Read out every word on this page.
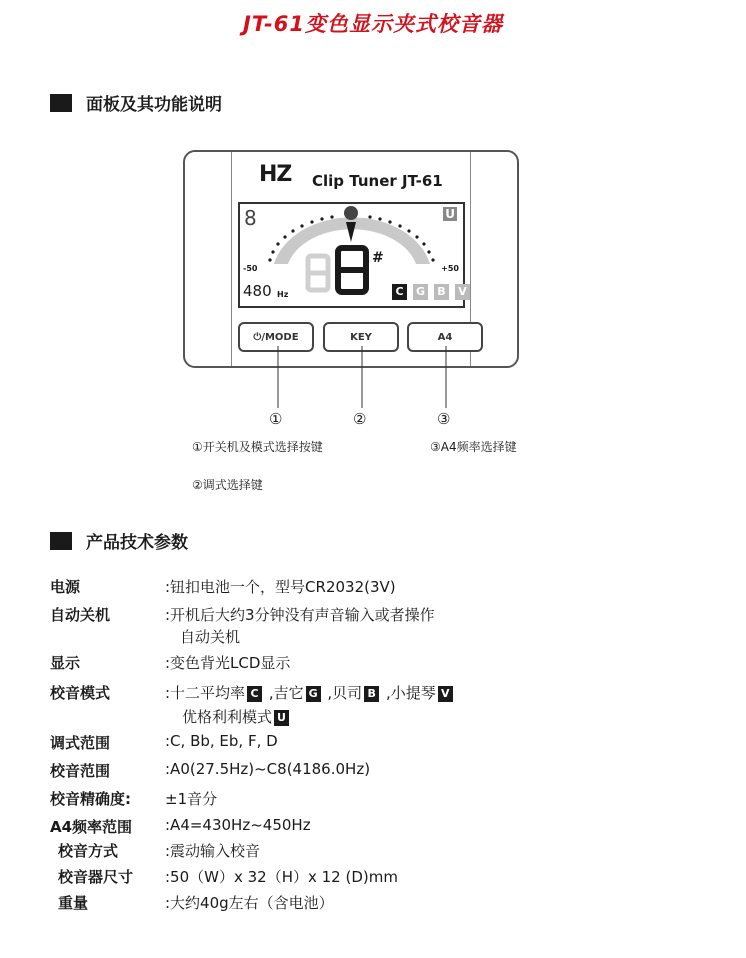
JT-61变色显示夹式校音器
面板及其功能说明
HZ Clip Tuner JT-61
8	U
-50	+50
#
480 Hz	C	G B	V
⏻/MODE	KEY	A4
①	②	③
①开关机及模式选择按键	③A4频率选择键
②调式选择键
产品技术参数
电源	:钮扣电池一个，型号CR2032(3V)
自动关机	:开机后大约3分钟没有声音输入或者操作
自动关机
显示	:变色背光LCD显示
校音模式	:十二平均率 C ,吉它 G ,贝司 B ,小提琴 V
优格利利模式 U
调式范围	:C, Bb, Eb, F, D
校音范围	:A0(27.5Hz)~C8(4186.0Hz)
校音精确度:	±1音分
A4频率范围	:A4=430Hz~450Hz
校音方式	:震动输入校音
校音器尺寸	:50（W）x 32（H）x 12 (D)mm
重量	:大约40g左右（含电池）
